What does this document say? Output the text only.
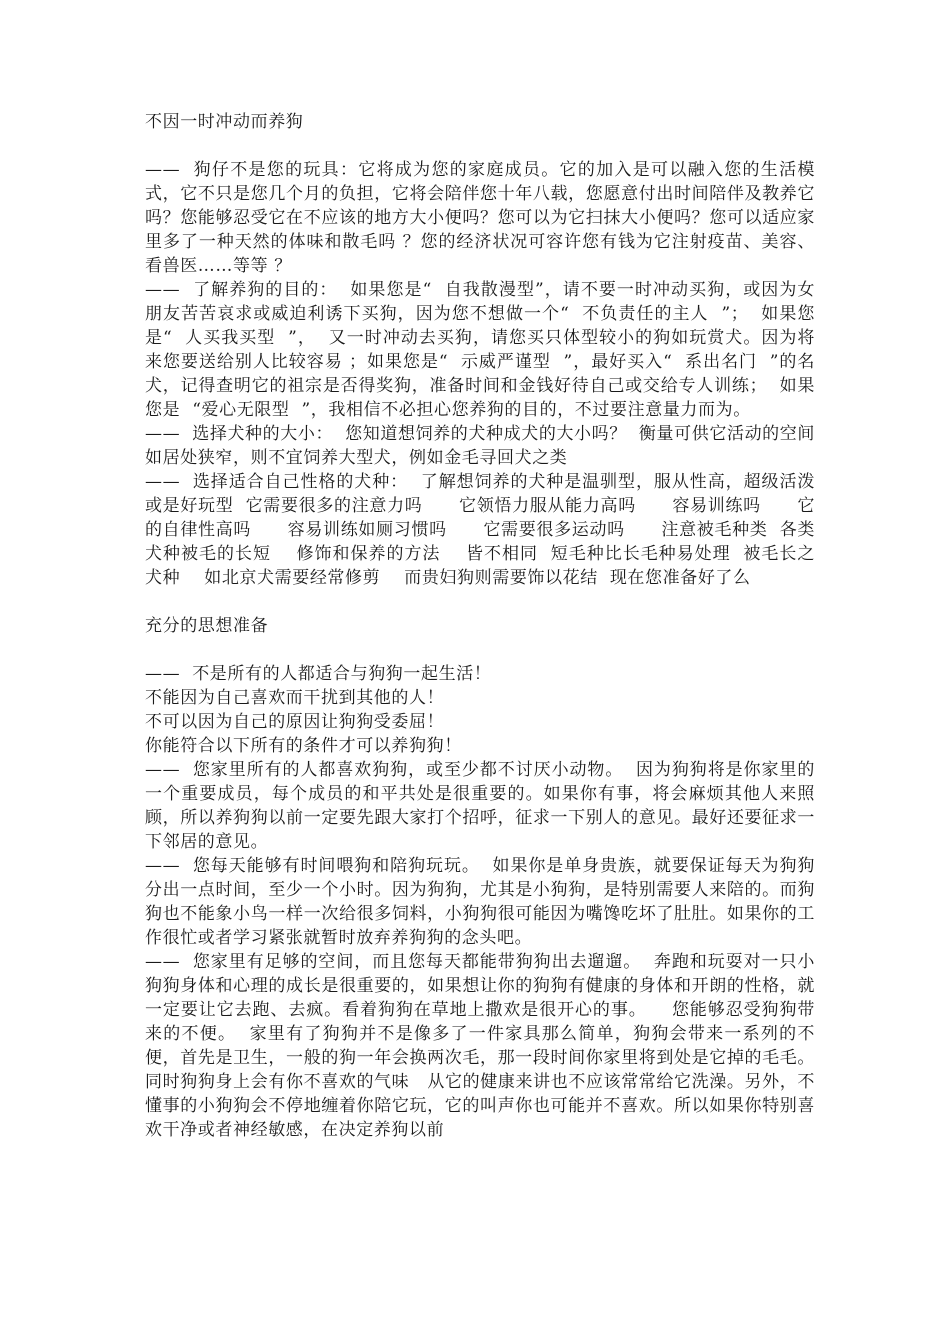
不因一时冲动而养狗

——  狗仔不是您的玩具：它将成为您的家庭成员。它的加入是可以融入您的生活模式，它不只是您几个月的负担，它将会陪伴您十年八载，您愿意付出时间陪伴及教养它吗？您能够忍受它在不应该的地方大小便吗？您可以为它扫抹大小便吗？您可以适应家里多了一种天然的体味和散毛吗 ？您的经济状况可容许您有钱为它注射疫苗、美容、看兽医……等等 ？

——  了解养狗的目的：  如果您是“  自我散漫型”，请不要一时冲动买狗，或因为女朋友苦苦哀求或威迫利诱下买狗，因为您不想做一个“  不负责任的主人  ”；  如果您是“  人买我买型  ”，  又一时冲动去买狗，请您买只体型较小的狗如玩赏犬。因为将来您要送给别人比较容易 ；如果您是“  示威严谨型  ”，最好买入“  系出名门  ”的名犬，记得查明它的祖宗是否得奖狗，准备时间和金钱好待自己或交给专人训练；  如果您是  “爱心无限型  ”，我相信不必担心您养狗的目的，不过要注意量力而为。

——  选择犬种的大小：  您知道想饲养的犬种成犬的大小吗？  衡量可供它活动的空间    如居处狭窄，则不宜饲养大型犬，例如金毛寻回犬之类

——  选择适合自己性格的犬种：  了解想饲养的犬种是温驯型，服从性高，超级活泼或是好玩型  它需要很多的注意力吗      它领悟力服从能力高吗      容易训练吗      它的自律性高吗      容易训练如厕习惯吗      它需要很多运动吗      注意被毛种类  各类犬种被毛的长短    修饰和保养的方法    皆不相同  短毛种比长毛种易处理  被毛长之犬种    如北京犬需要经常修剪    而贵妇狗则需要饰以花结  现在您准备好了么

充分的思想准备

——  不是所有的人都适合与狗狗一起生活！

不能因为自己喜欢而干扰到其他的人！

不可以因为自己的原因让狗狗受委屈！

你能符合以下所有的条件才可以养狗狗！

——  您家里所有的人都喜欢狗狗，或至少都不讨厌小动物。  因为狗狗将是你家里的一个重要成员，每个成员的和平共处是很重要的。如果你有事，将会麻烦其他人来照顾，所以养狗狗以前一定要先跟大家打个招呼，征求一下别人的意见。最好还要征求一下邻居的意见。

——  您每天能够有时间喂狗和陪狗玩玩。  如果你是单身贵族，就要保证每天为狗狗分出一点时间，至少一个小时。因为狗狗，尤其是小狗狗，是特别需要人来陪的。而狗狗也不能象小鸟一样一次给很多饲料，小狗狗很可能因为嘴馋吃坏了肚肚。如果你的工作很忙或者学习紧张就暂时放弃养狗狗的念头吧。

——  您家里有足够的空间，而且您每天都能带狗狗出去遛遛。  奔跑和玩耍对一只小狗狗身体和心理的成长是很重要的，如果想让你的狗狗有健康的身体和开朗的性格，就一定要让它去跑、去疯。看着狗狗在草地上撒欢是很开心的事。    您能够忍受狗狗带来的不便。  家里有了狗狗并不是像多了一件家具那么简单，狗狗会带来一系列的不便，首先是卫生，一般的狗一年会换两次毛，那一段时间你家里将到处是它掉的毛毛。同时狗狗身上会有你不喜欢的气味   从它的健康来讲也不应该常常给它洗澡。另外，不懂事的小狗狗会不停地缠着你陪它玩，它的叫声你也可能并不喜欢。所以如果你特别喜欢干净或者神经敏感，在决定养狗以前
